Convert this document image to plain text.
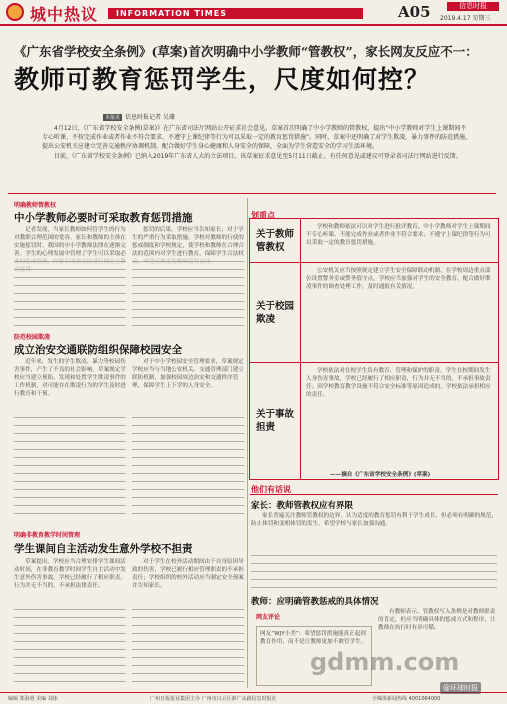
城中热议 INFORMATION TIMES	A05	信息时报
2019.4.17 星期三
《广东省学校安全条例》(草案)首次明确中小学教师“管教权”，家长网友反应不一：
教师可教育惩罚学生，尺度如何控？
本报讯 信息时报记者 吴珊

4月12日，《广东省学校安全条例(草案)》在广东省司法厅网站公开征求社会意见。草案首次明确了中小学教师的管教权，提出“中小学教师对学生上课期间不专心听课、不按完成作业或者作业不符合要求、不遵守上课纪律等行为可以采取一定的教育惩罚措施”。同时，草案中还明确了对学生欺凌、暴力事件的防范措施，提出公安机关应建立完善交通秩序协调机制，配合做好学生身心健康和人身安全的保障，全面为学生营造安全的学习生活环境。

目前，《广东省学校安全条例》已纳入2019年广东省人大的立法项目。该草案征求意见至5月11日截止，有任何意见或建议可登录省司法厅网站进行反馈。

明确教师管教权
中小学教师必要时可采取教育惩罚措施
记者发现，当家长教师如何管学生的行为对教职合理范围的宽容，家长和教师的主体在实施惩罚时，我国的中小学教师法律在逐渐完善。学生的心理发展中管理了学生可以采取必
惩罚的后果，学校应当告知家长；对于学生的严重行为采取措施，学校对教师的行使的惩戒制度和学校规定，使学校和教师在合理合法的范围内对学生进行教育，保障学生合法权
防范校园欺凌
成立治安交通联防组织保障校园安全
近年来，发生的学生欺凌、暴力等校园伤害事件，产生了不良的社会影响。草案规定学校应当建立预防、发现和处置学生欺凌事件的工作机制，对可能存在欺凌行为的学生及时进行教育和干预。
对于中小学校园安全管理要求，草案规定学校应当与当地公安机关、交通管理部门建立联防机制，加强校园周边治安和交通秩序管理，保障学生上下学的人身安全。
明确非教育教学时间管理
学生课间自主活动发生意外学校不担责
草案提出，学校应当合理安排学生课间活动时间，在非教育教学时间学生自主活动中发生意外伤害事故，学校已经履行了相应职责，行为并无不当的，不承担法律责任。
对于学生在校外活动期间由于自身原因导致的伤害，学校已履行相应管理职责的不承担责任；学校组织的校外活动应当制定安全预案并告知家长。
划重点
关于教师管教权
学校和教师依法可以对学生进行批评教育，中小学教师对学生上课期间不专心听课、不能完成作业或者作业不符合要求、不遵守上课纪律等行为可以采取一定的教育惩罚措施。
关于校园欺凌
公安机关应当按照规定建立学生安全保障联动机制，在学校周边重点部位设置警务室或警务值守点，学校应当加强对学生的安全教育，配合做好欺凌事件的调查处理工作，及时通报有关情况。
关于事故担责
学校依法对在校学生负有教育、管理和保护的职责，学生在校期间发生人身伤害事故，学校已经履行了相应职责，行为并无不当的，不承担事故责任；因学校教育教学设施不符合安全标准等原因造成的，学校依法承担相应的责任。
——摘自《广东省学校安全条例》(草案)
他们有话说
家长：教师管教权应有界限
家长普遍关注教师管教权的边界，认为适度的教育惩罚有利于学生成长，但必须有明确的规范，防止体罚和变相体罚的发生，希望学校与家长加强沟通。
教师：应明确管教惩戒的具体情况
有教师表示，管教权写入条例是对教师职责的肯定，但应当明确具体的惩戒方式和程序，让教师在执行时有章可循。
网友评论
网友“WJY小美”：希望惩罚措施能真正起到教育作用，而不是让教师更加不敢管学生。
编辑 郑海蓉 美编 刘冰	广州日报报业集团主办 广州市白云区新广从路信息时报社	全媒体新闻热线 4001064000
gdmm.com
@环球时报
